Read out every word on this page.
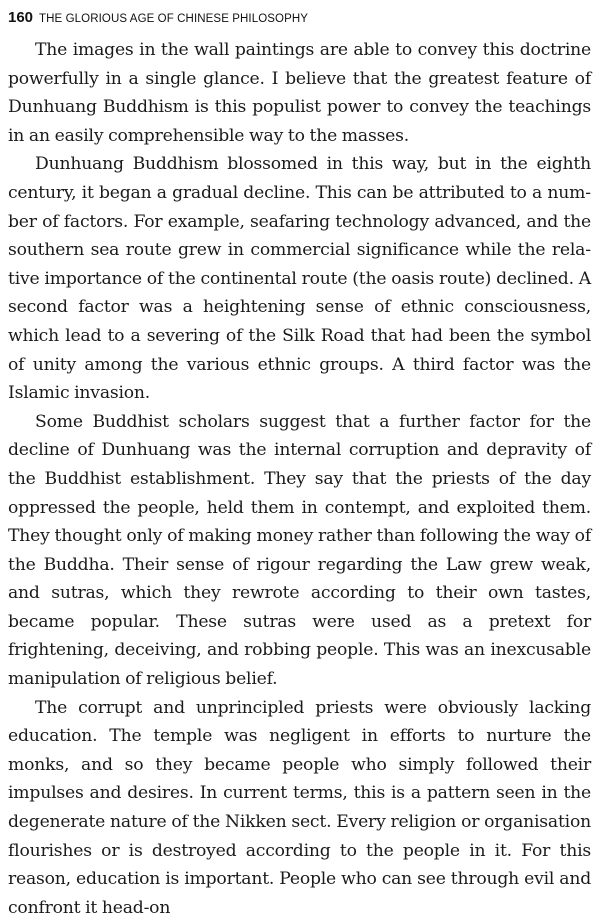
160 THE GLORIOUS AGE OF CHINESE PHILOSOPHY

The images in the wall paintings are able to convey this doctrine powerfully in a single glance. I believe that the greatest feature of Dunhuang Buddhism is this populist power to convey the teachings in an easily comprehensible way to the masses.

Dunhuang Buddhism blossomed in this way, but in the eighth century, it began a gradual decline. This can be attributed to a number of factors. For example, seafaring technology advanced, and the southern sea route grew in commercial significance while the relative importance of the continental route (the oasis route) declined. A second factor was a heightening sense of ethnic consciousness, which lead to a severing of the Silk Road that had been the symbol of unity among the various ethnic groups. A third factor was the Islamic invasion.

Some Buddhist scholars suggest that a further factor for the decline of Dunhuang was the internal corruption and depravity of the Buddhist establishment. They say that the priests of the day oppressed the people, held them in contempt, and exploited them. They thought only of making money rather than following the way of the Buddha. Their sense of rigour regarding the Law grew weak, and sutras, which they rewrote according to their own tastes, became popular. These sutras were used as a pretext for frightening, deceiving, and robbing people. This was an inexcusable manipulation of religious belief.

The corrupt and unprincipled priests were obviously lacking education. The temple was negligent in efforts to nurture the monks, and so they became people who simply followed their impulses and desires. In current terms, this is a pattern seen in the degenerate nature of the Nikken sect. Every religion or organisation flourishes or is destroyed according to the people in it. For this reason, education is important. People who can see through evil and confront it head-on
